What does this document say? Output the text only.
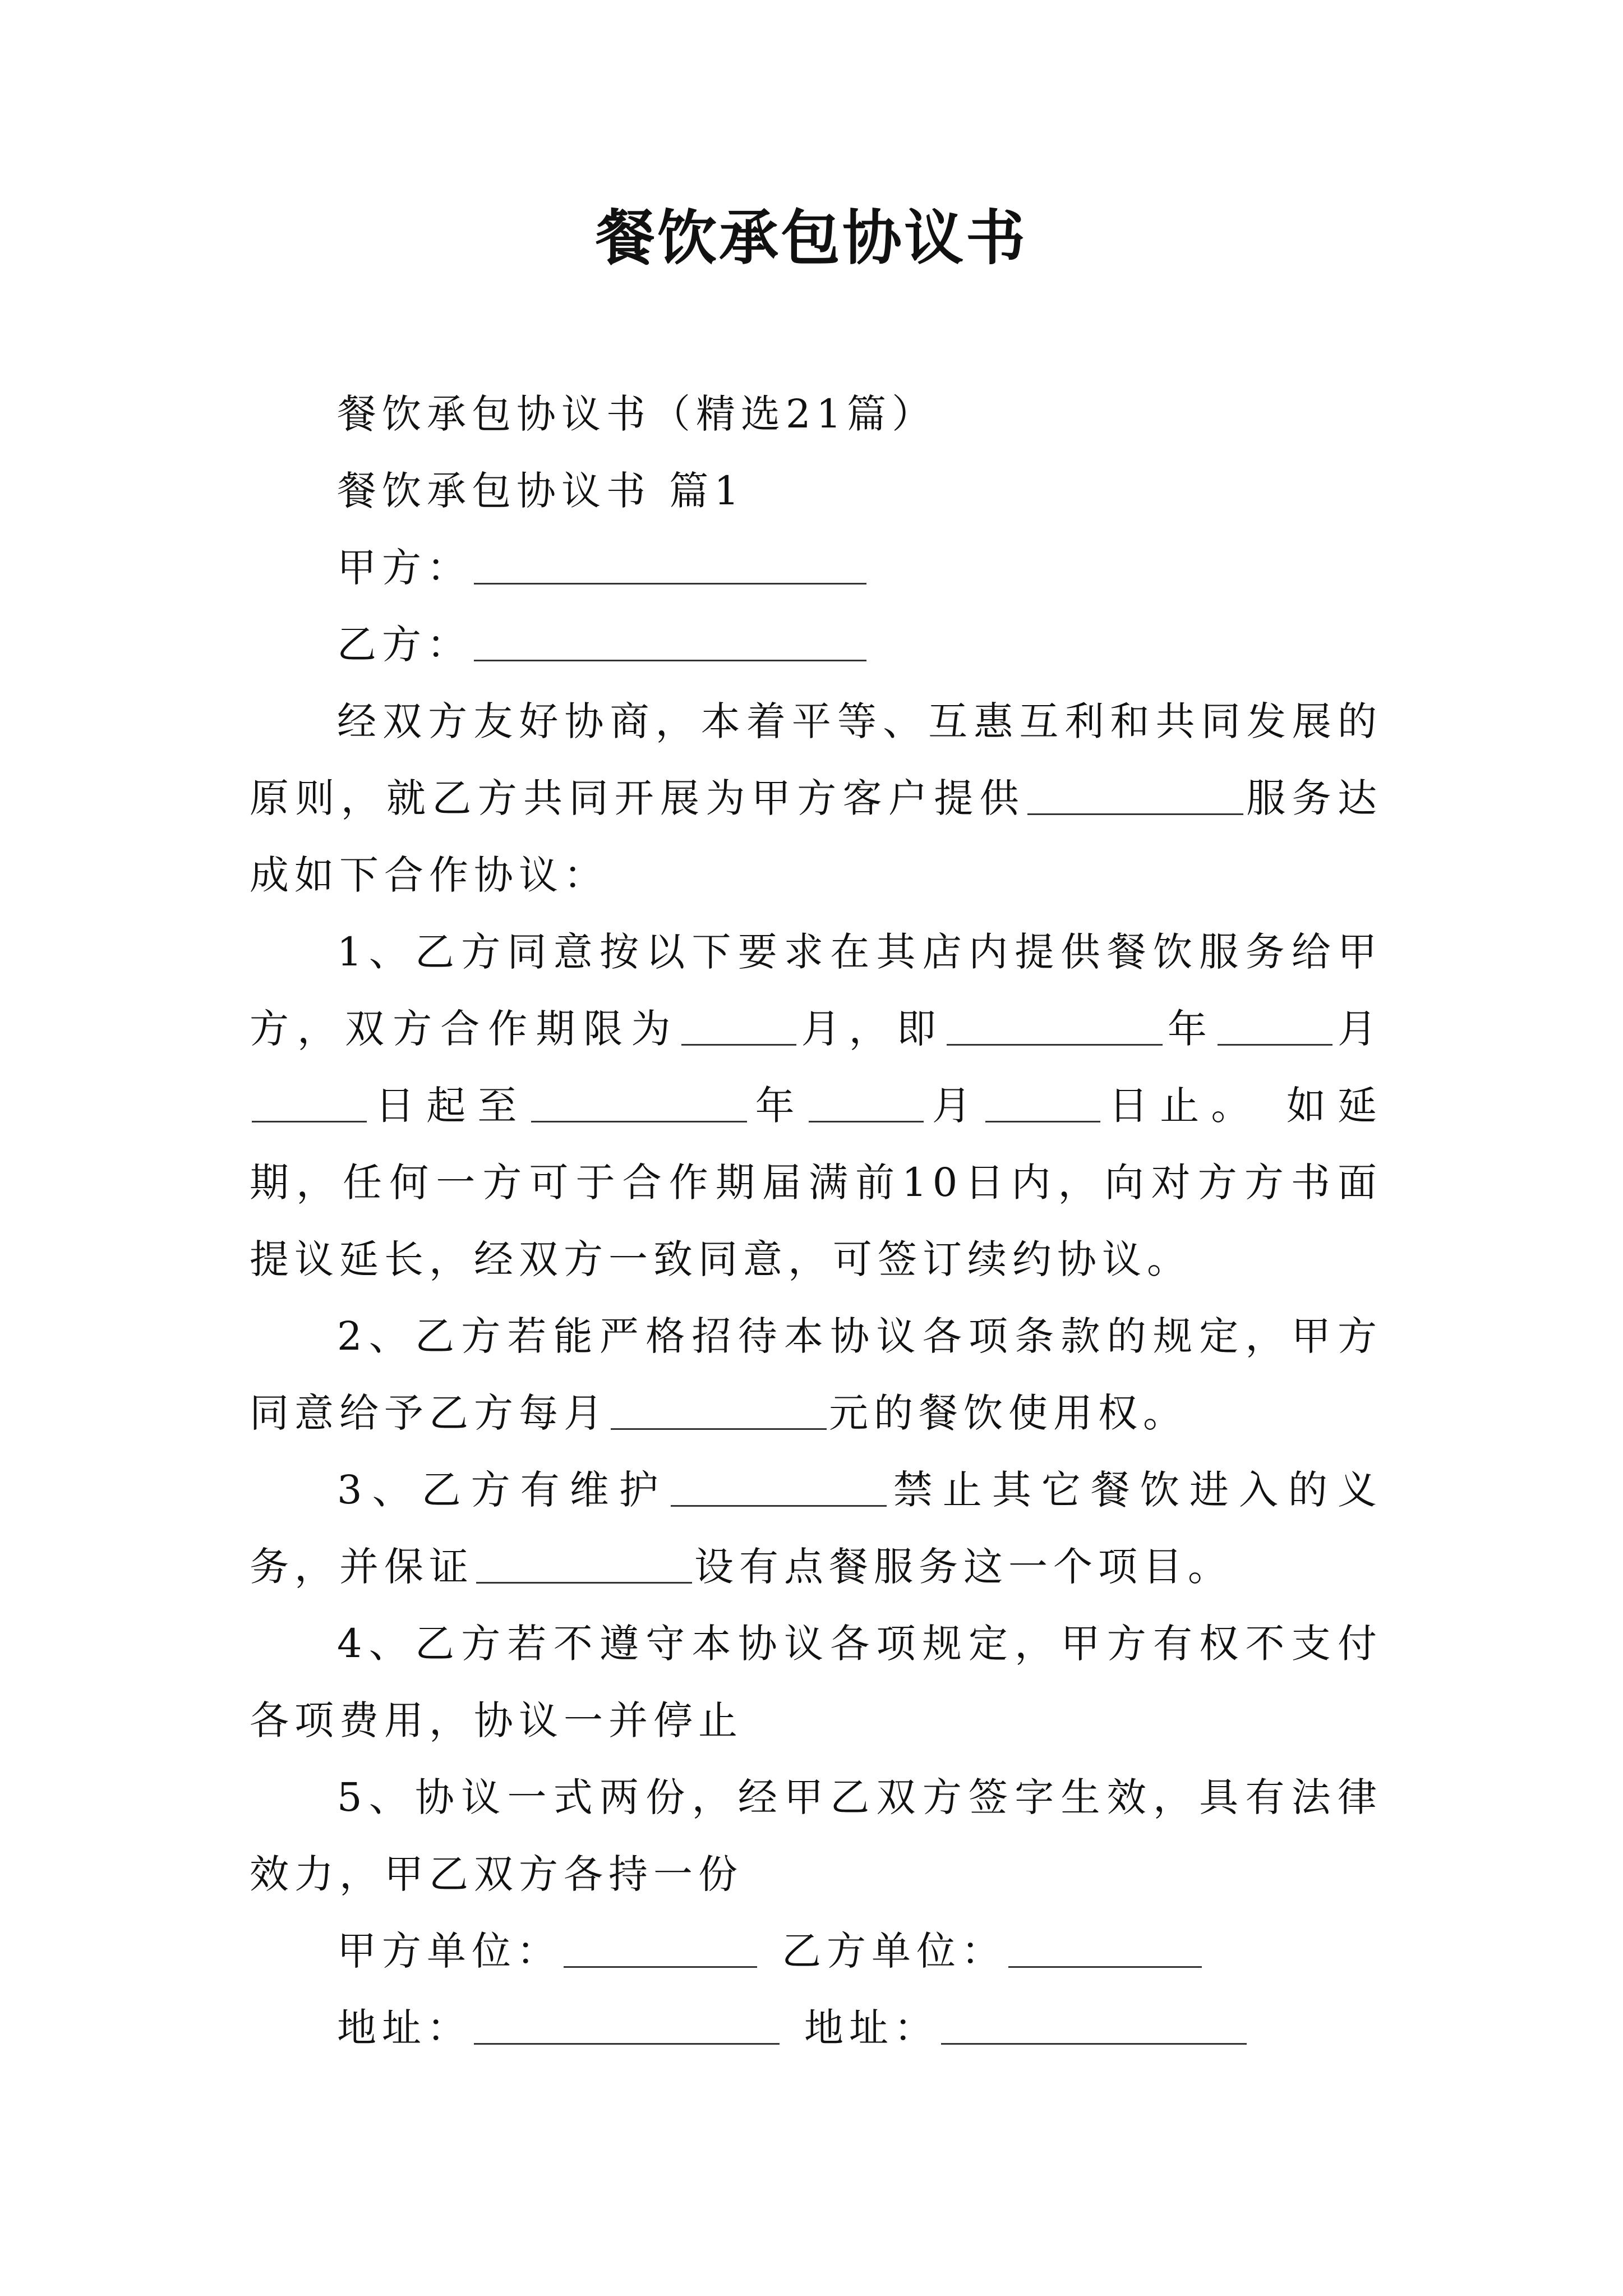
餐饮承包协议书

餐饮承包协议书（精选21篇）

餐饮承包协议书 篇1

甲方：

乙方：

经双方友好协商，本着平等、互惠互利和共同发展的原则，就乙方共同开展为甲方客户提供	服务达成如下合作协议：

1、乙方同意按以下要求在其店内提供餐饮服务给甲方，双方合作期限为	月，即	年	月日起至	年	月	日止。 如延期，任何一方可于合作期届满前10日内，向对方方书面提议延长，经双方一致同意，可签订续约协议。

2、乙方若能严格招待本协议各项条款的规定，甲方同意给予乙方每月	元的餐饮使用权。

3、乙方有维护	禁止其它餐饮进入的义务，并保证	设有点餐服务这一个项目。

4、乙方若不遵守本协议各项规定，甲方有权不支付各项费用，协议一并停止

5、协议一式两份，经甲乙双方签字生效，具有法律效力，甲乙双方各持一份

甲方单位：	乙方单位：

地址：	地址：
